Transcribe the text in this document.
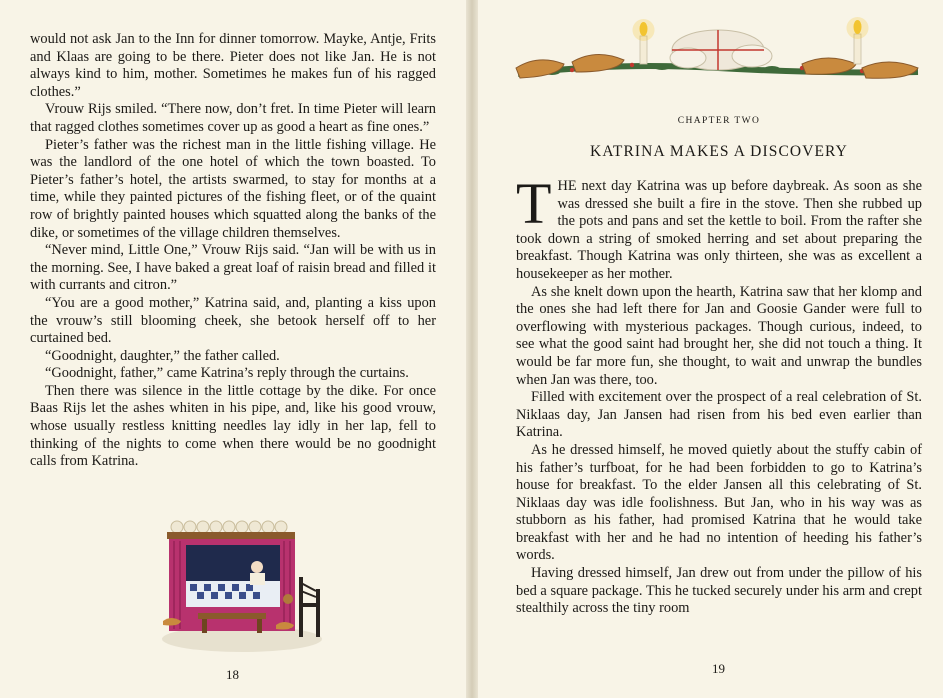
would not ask Jan to the Inn for dinner tomorrow. Mayke, Antje, Frits and Klaas are going to be there. Pieter does not like Jan. He is not always kind to him, mother. Sometimes he makes fun of his ragged clothes.”

Vrouw Rijs smiled. “There now, don’t fret. In time Pieter will learn that ragged clothes sometimes cover up as good a heart as fine ones.”

Pieter’s father was the richest man in the little fishing village. He was the landlord of the one hotel of which the town boasted. To Pieter’s father’s hotel, the artists swarmed, to stay for months at a time, while they painted pictures of the fishing fleet, or of the quaint row of brightly painted houses which squatted along the banks of the dike, or sometimes of the village children themselves.

“Never mind, Little One,” Vrouw Rijs said. “Jan will be with us in the morning. See, I have baked a great loaf of raisin bread and filled it with currants and citron.”

“You are a good mother,” Katrina said, and, planting a kiss upon the vrouw’s still blooming cheek, she betook herself off to her curtained bed.

“Goodnight, daughter,” the father called.

“Goodnight, father,” came Katrina’s reply through the curtains.

Then there was silence in the little cottage by the dike. For once Baas Rijs let the ashes whiten in his pipe, and, like his good vrouw, whose usually restless knitting needles lay idly in her lap, fell to thinking of the nights to come when there would be no goodnight calls from Katrina.

18
CHAPTER TWO
KATRINA MAKES A DISCOVERY

THE next day Katrina was up before daybreak. As soon as she was dressed she built a fire in the stove. Then she rubbed up the pots and pans and set the kettle to boil. From the rafter she took down a string of smoked herring and set about preparing the breakfast. Though Katrina was only thirteen, she was as excellent a housekeeper as her mother.

As she knelt down upon the hearth, Katrina saw that her klomp and the ones she had left there for Jan and Goosie Gander were full to overflowing with mysterious packages. Though curious, indeed, to see what the good saint had brought her, she did not touch a thing. It would be far more fun, she thought, to wait and unwrap the bundles when Jan was there, too.

Filled with excitement over the prospect of a real celebration of St. Niklaas day, Jan Jansen had risen from his bed even earlier than Katrina.

As he dressed himself, he moved quietly about the stuffy cabin of his father’s turfboat, for he had been forbidden to go to Katrina’s house for breakfast. To the elder Jansen all this celebrating of St. Niklaas day was idle foolishness. But Jan, who in his way was as stubborn as his father, had promised Katrina that he would take breakfast with her and he had no intention of heeding his father’s words.

Having dressed himself, Jan drew out from under the pillow of his bed a square package. This he tucked securely under his arm and crept stealthily across the tiny room

19
